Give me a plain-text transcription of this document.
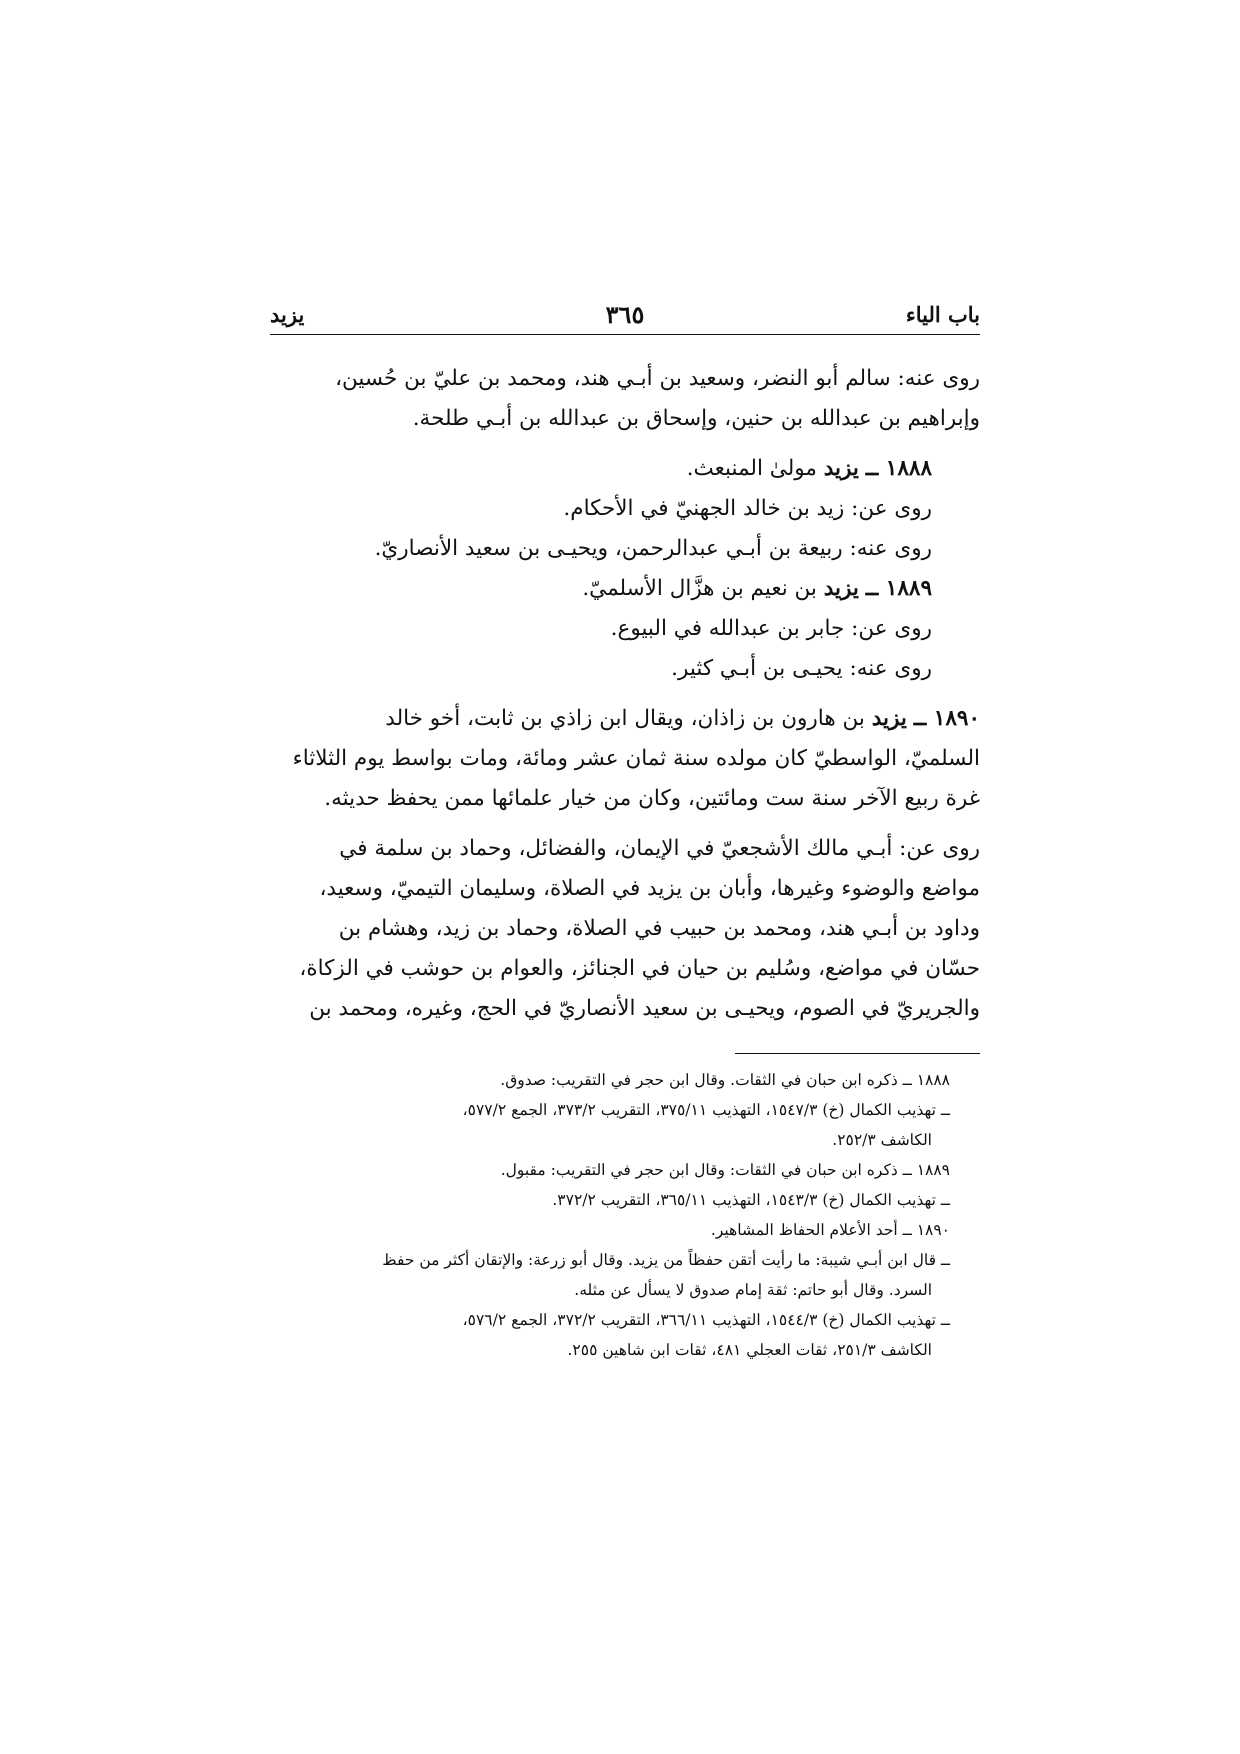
باب الياء
٣٦٥
يزيد

روى عنه: سالم أبو النضر، وسعيد بن أبـي هند، ومحمد بن عليّ بن حُسين،

وإبراهيم بن عبدالله بن حنين، وإسحاق بن عبدالله بن أبـي طلحة.

١٨٨٨ ــ يزيد مولىٰ المنبعث.

روى عن: زيد بن خالد الجهنيّ في الأحكام.

روى عنه: ربيعة بن أبـي عبدالرحمن، ويحيـى بن سعيد الأنصاريّ.

١٨٨٩ ــ يزيد بن نعيم بن هزَّال الأسلميّ.

روى عن: جابر بن عبدالله في البيوع.

روى عنه: يحيـى بن أبـي كثير.

١٨٩٠ ــ يزيد بن هارون بن زاذان، ويقال ابن زاذي بن ثابت، أخو خالد

السلميّ، الواسطيّ كان مولده سنة ثمان عشر ومائة، ومات بواسط يوم الثلاثاء

غرة ربيع الآخر سنة ست ومائتين، وكان من خيار علمائها ممن يحفظ حديثه.

روى عن: أبـي مالك الأشجعيّ في الإيمان، والفضائل، وحماد بن سلمة في

مواضع والوضوء وغيرها، وأبان بن يزيد في الصلاة، وسليمان التيميّ، وسعيد،

وداود بن أبـي هند، ومحمد بن حبيب في الصلاة، وحماد بن زيد، وهشام بن

حسّان في مواضع، وسُليم بن حيان في الجنائز، والعوام بن حوشب في الزكاة،

والجريريّ في الصوم، ويحيـى بن سعيد الأنصاريّ في الحج، وغيره، ومحمد بن

١٨٨٨ ــ ذكره ابن حبان في الثقات. وقال ابن حجر في التقريب: صدوق.

ــ تهذيب الكمال (خ) ١٥٤٧/٣، التهذيب ٣٧٥/١١، التقريب ٣٧٣/٢، الجمع ٥٧٧/٢،

الكاشف ٢٥٢/٣.

١٨٨٩ ــ ذكره ابن حبان في الثقات: وقال ابن حجر في التقريب: مقبول.

ــ تهذيب الكمال (خ) ١٥٤٣/٣، التهذيب ٣٦٥/١١، التقريب ٣٧٢/٢.

١٨٩٠ ــ أحد الأعلام الحفاظ المشاهير.

ــ قال ابن أبـي شيبة: ما رأيت أتقن حفظاً من يزيد. وقال أبو زرعة: والإتقان أكثر من حفظ

السرد. وقال أبو حاتم: ثقة إمام صدوق لا يسأل عن مثله.

ــ تهذيب الكمال (خ) ١٥٤٤/٣، التهذيب ٣٦٦/١١، التقريب ٣٧٢/٢، الجمع ٥٧٦/٢،

الكاشف ٢٥١/٣، ثقات العجلي ٤٨١، ثقات ابن شاهين ٢٥٥.
